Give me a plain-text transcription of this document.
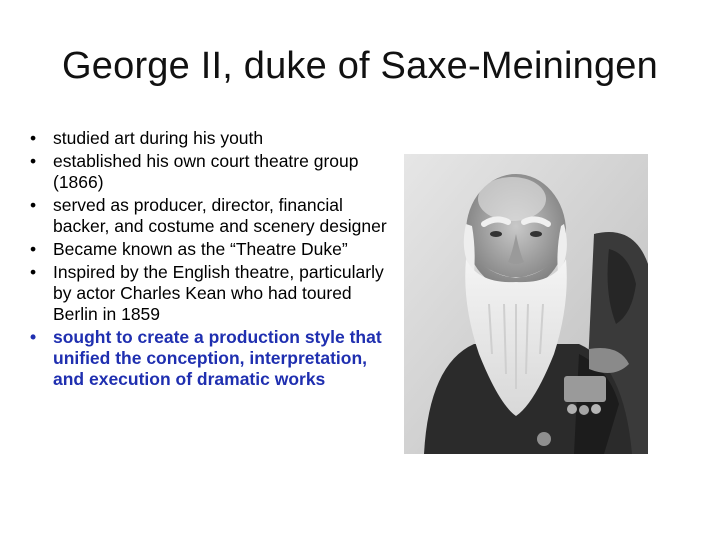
George II, duke of Saxe-Meiningen
• studied art during his youth
• established his own court theatre group (1866)
• served as producer, director, financial backer, and costume and scenery designer
• Became known as the “Theatre Duke”
• Inspired by the English theatre, particularly by actor Charles Kean who had toured Berlin in 1859
• sought to create a production style that unified the conception, interpretation, and execution of dramatic works
